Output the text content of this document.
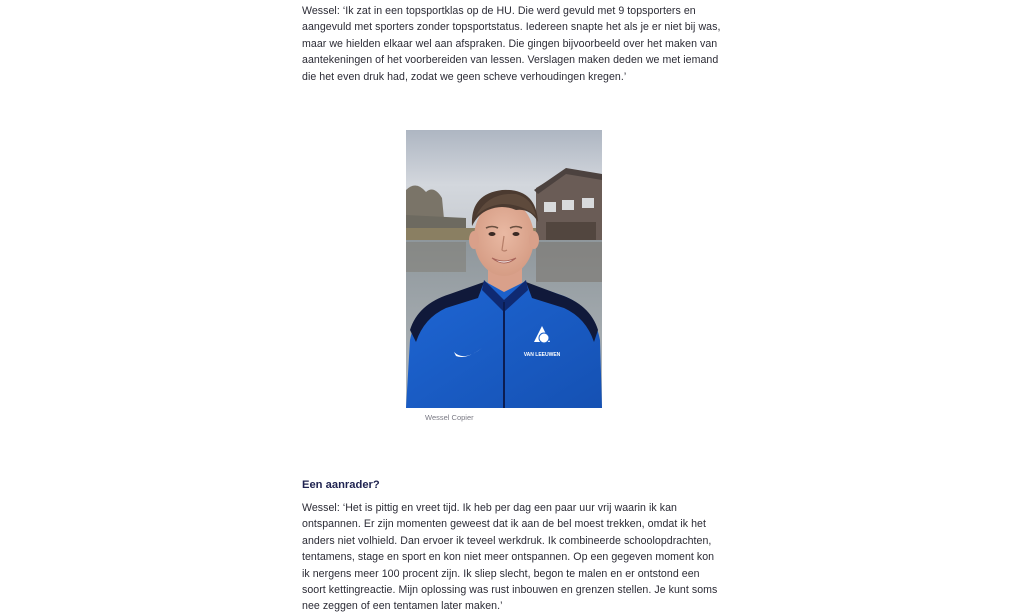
Wessel: ‘Ik zat in een topsportklas op de HU. Die werd gevuld met 9 topsporters en aangevuld met sporters zonder topsportstatus. Iedereen snapte het als je er niet bij was, maar we hielden elkaar wel aan afspraken. Die gingen bijvoorbeeld over het maken van aantekeningen of het voorbereiden van lessen. Verslagen maken deden we met iemand die het even druk had, zodat we geen scheve verhoudingen kregen.’

VAN LEEUWEN
Wessel Copier
Een aanrader?

Wessel: ‘Het is pittig en vreet tijd. Ik heb per dag een paar uur vrij waarin ik kan ontspannen. Er zijn momenten geweest dat ik aan de bel moest trekken, omdat ik het anders niet volhield. Dan ervoer ik teveel werkdruk. Ik combineerde schoolopdrachten, tentamens, stage en sport en kon niet meer ontspannen. Op een gegeven moment kon ik nergens meer 100 procent zijn. Ik sliep slecht, begon te malen en er ontstond een soort kettingreactie. Mijn oplossing was rust inbouwen en grenzen stellen. Je kunt soms nee zeggen of een tentamen later maken.’
